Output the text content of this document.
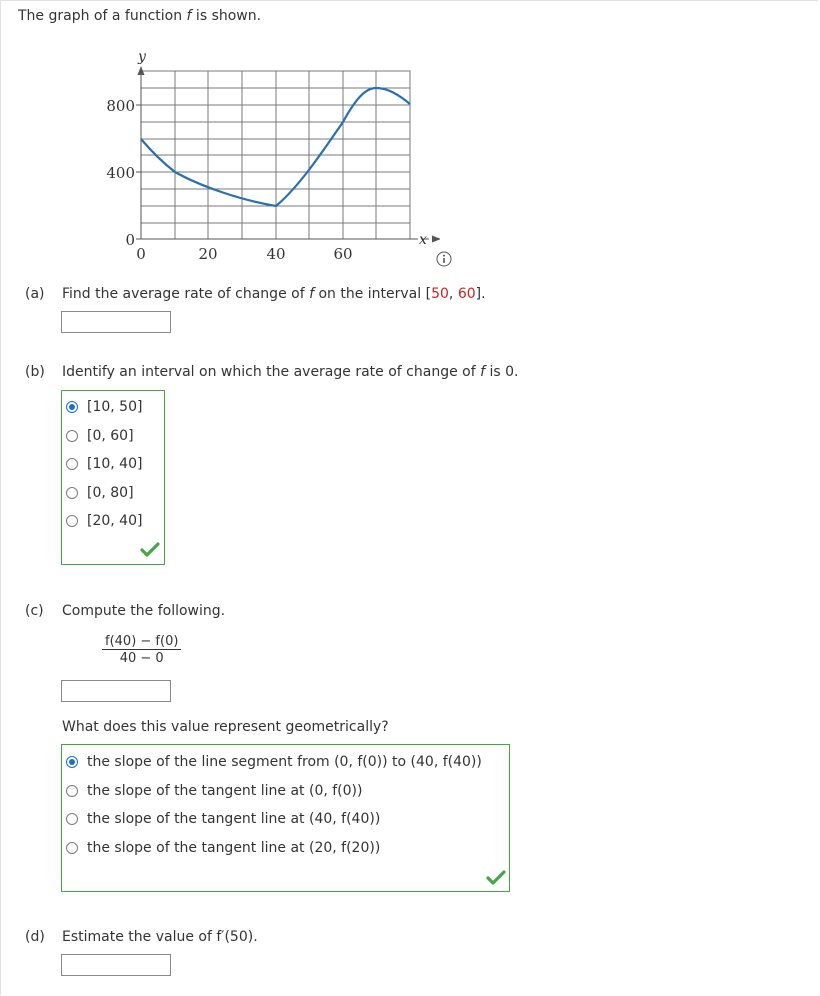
The graph of a function f is shown.
y
x
800
400
0
0	20	40	60
(a) Find the average rate of change of f on the interval [50, 60].
(b) Identify an interval on which the average rate of change of f is 0.
[10, 50]
[0, 60]
[10, 40]
[0, 80]
[20, 40]
(c) Compute the following.
$\frac{f(40) - f(0)}{40 - 0}$
What does this value represent geometrically?
the slope of the line segment from (0, f(0)) to (40, f(40))
the slope of the tangent line at (0, f(0))
the slope of the tangent line at (40, f(40))
the slope of the tangent line at (20, f(20))
(d) Estimate the value of f′(50).
